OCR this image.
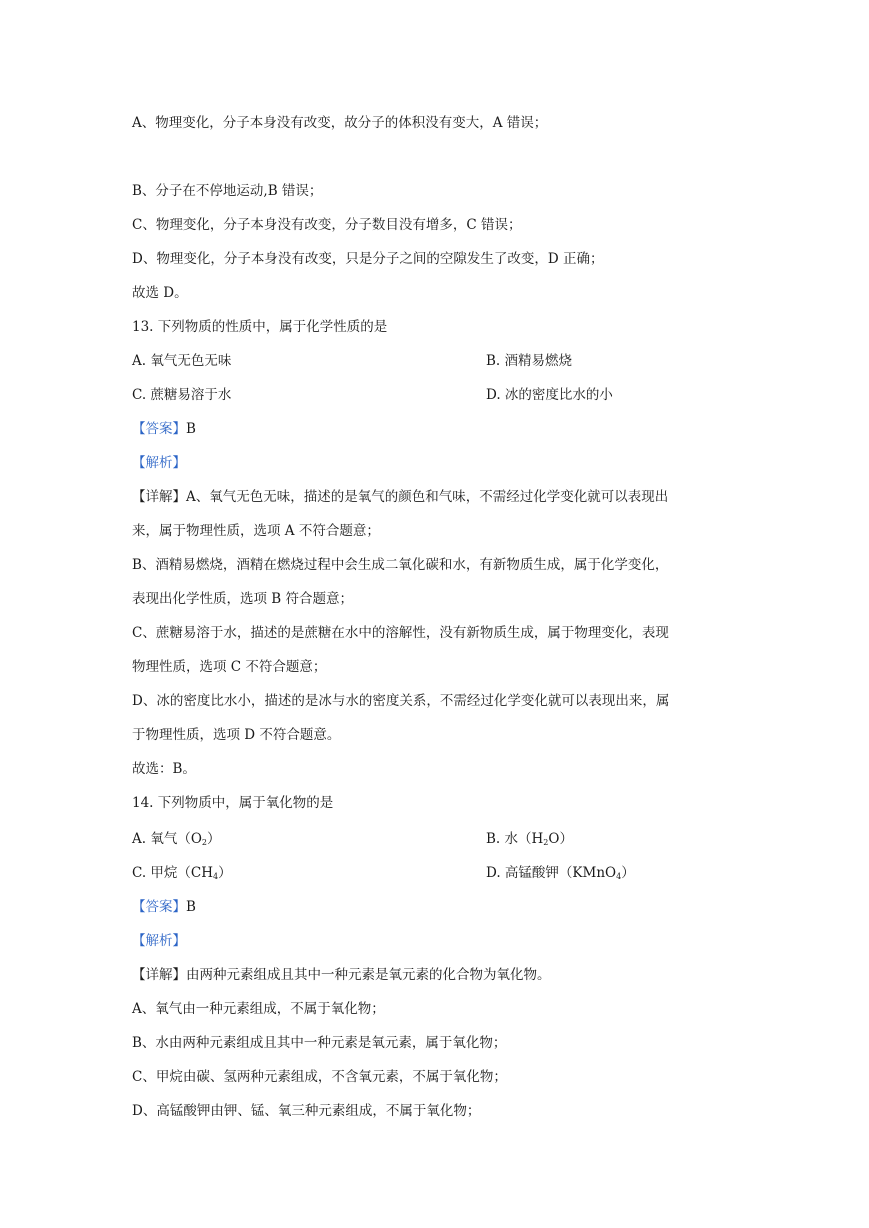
A、物理变化，分子本身没有改变，故分子的体积没有变大，A 错误；
B、分子在不停地运动,B 错误；
C、物理变化，分子本身没有改变，分子数目没有增多，C 错误；
D、物理变化，分子本身没有改变，只是分子之间的空隙发生了改变，D 正确；
故选 D。
13. 下列物质的性质中，属于化学性质的是
A. 氧气无色无味	B. 酒精易燃烧
C. 蔗糖易溶于水	D. 冰的密度比水的小
【答案】B
【解析】
【详解】A、氧气无色无味，描述的是氧气的颜色和气味，不需经过化学变化就可以表现出
来，属于物理性质，选项 A 不符合题意；
B、酒精易燃烧，酒精在燃烧过程中会生成二氧化碳和水，有新物质生成，属于化学变化，
表现出化学性质，选项 B 符合题意；
C、蔗糖易溶于水，描述的是蔗糖在水中的溶解性，没有新物质生成，属于物理变化，表现
物理性质，选项 C 不符合题意；
D、冰的密度比水小，描述的是冰与水的密度关系，不需经过化学变化就可以表现出来，属
于物理性质，选项 D 不符合题意。
故选：B。
14. 下列物质中，属于氧化物的是
A. 氧气$(O_2)$	B. 水$(H_2O)$
C. 甲烷$(CH_4)$	D. 高锰酸钾（KMnO$_4$）
【答案】B
【解析】
【详解】由两种元素组成且其中一种元素是氧元素的化合物为氧化物。
A、氧气由一种元素组成，不属于氧化物；
B、水由两种元素组成且其中一种元素是氧元素，属于氧化物；
C、甲烷由碳、氢两种元素组成，不含氧元素，不属于氧化物；
D、高锰酸钾由钾、锰、氧三种元素组成，不属于氧化物；
